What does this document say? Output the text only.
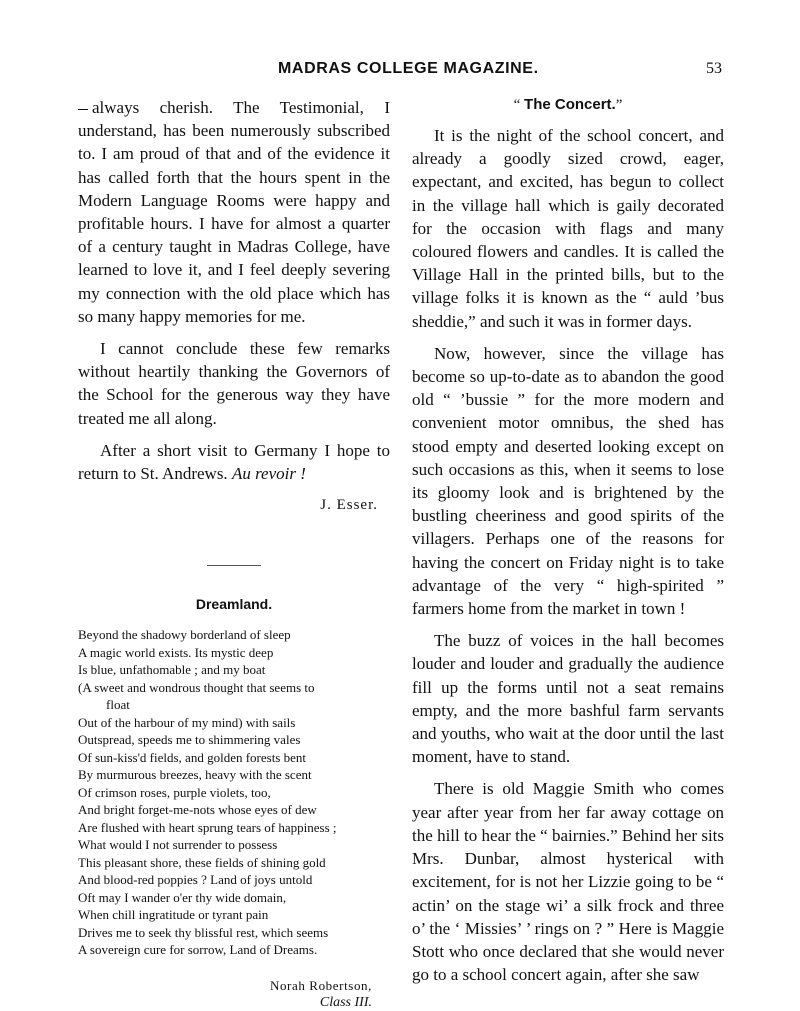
MADRAS COLLEGE MAGAZINE.	53

always cherish. The Testimonial, I understand, has been numerously subscribed to. I am proud of that and of the evidence it has called forth that the hours spent in the Modern Language Rooms were happy and profitable hours. I have for almost a quarter of a century taught in Madras College, have learned to love it, and I feel deeply severing my connection with the old place which has so many happy memories for me.

I cannot conclude these few remarks without heartily thanking the Governors of the School for the generous way they have treated me all along.

After a short visit to Germany I hope to return to St. Andrews. Au revoir !

J. Esser.
Dreamland.
Beyond the shadowy borderland of sleep
A magic world exists. Its mystic deep
Is blue, unfathomable ; and my boat
(A sweet and wondrous thought that seems to
float
Out of the harbour of my mind) with sails
Outspread, speeds me to shimmering vales
Of sun-kiss'd fields, and golden forests bent
By murmurous breezes, heavy with the scent
Of crimson roses, purple violets, too,
And bright forget-me-nots whose eyes of dew
Are flushed with heart sprung tears of happiness ;
What would I not surrender to possess
This pleasant shore, these fields of shining gold
And blood-red poppies ? Land of joys untold
Oft may I wander o'er thy wide domain,
When chill ingratitude or tyrant pain
Drives me to seek thy blissful rest, which seems
A sovereign cure for sorrow, Land of Dreams.
Norah Robertson,
Class III.
“ The Concert.”

It is the night of the school concert, and already a goodly sized crowd, eager, expectant, and excited, has begun to collect in the village hall which is gaily decorated for the occasion with flags and many coloured flowers and candles. It is called the Village Hall in the printed bills, but to the village folks it is known as the “ auld ’bus sheddie,” and such it was in former days.

Now, however, since the village has become so up-to-date as to abandon the good old “ ’bussie ” for the more modern and convenient motor omnibus, the shed has stood empty and deserted looking except on such occasions as this, when it seems to lose its gloomy look and is brightened by the bustling cheeriness and good spirits of the villagers. Perhaps one of the reasons for having the concert on Friday night is to take advantage of the very “ high-spirited ” farmers home from the market in town !

The buzz of voices in the hall becomes louder and louder and gradually the audience fill up the forms until not a seat remains empty, and the more bashful farm servants and youths, who wait at the door until the last moment, have to stand.

There is old Maggie Smith who comes year after year from her far away cottage on the hill to hear the “ bairnies.” Behind her sits Mrs. Dunbar, almost hysterical with excitement, for is not her Lizzie going to be “ actin’ on the stage wi’ a silk frock and three o’ the ‘ Missies’ ’ rings on ? ” Here is Maggie Stott who once declared that she would never go to a school concert again, after she saw
